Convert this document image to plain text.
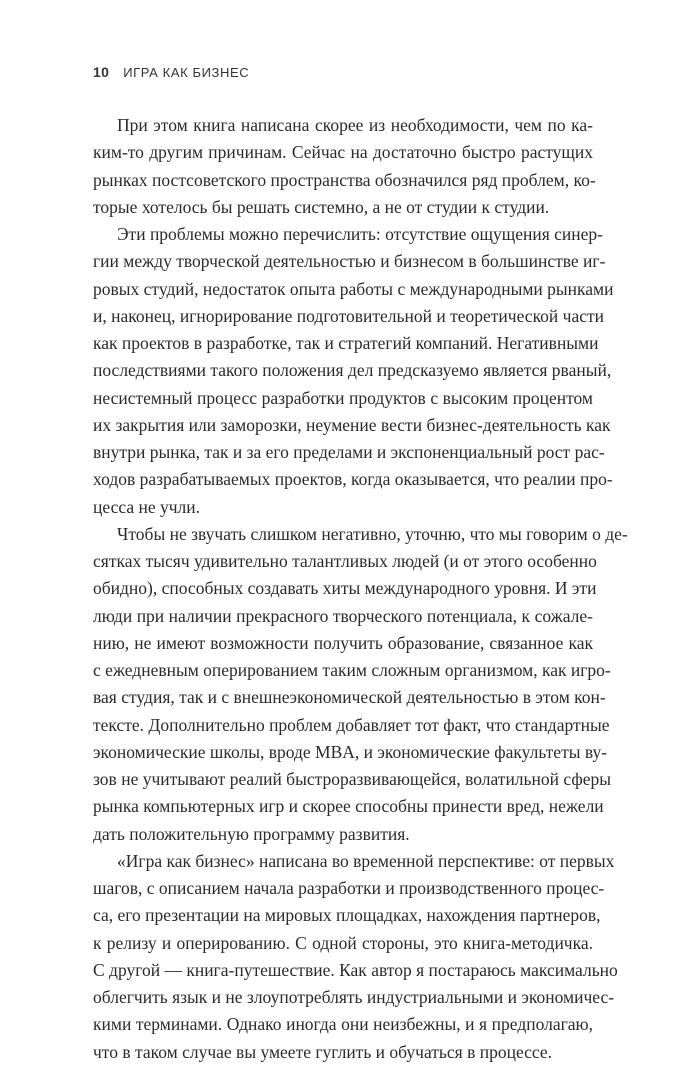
10 ИГРА КАК БИЗНЕС
При этом книга написана скорее из необходимости, чем по ка-
ким-то другим причинам. Сейчас на достаточно быстро растущих
рынках постсоветского пространства обозначился ряд проблем, ко-
торые хотелось бы решать системно, а не от студии к студии.
Эти проблемы можно перечислить: отсутствие ощущения синер-
гии между творческой деятельностью и бизнесом в большинстве иг-
ровых студий, недостаток опыта работы с международными рынками
и, наконец, игнорирование подготовительной и теоретической части
как проектов в разработке, так и стратегий компаний. Негативными
последствиями такого положения дел предсказуемо является рваный,
несистемный процесс разработки продуктов с высоким процентом
их закрытия или заморозки, неумение вести бизнес-деятельность как
внутри рынка, так и за его пределами и экспоненциальный рост рас-
ходов разрабатываемых проектов, когда оказывается, что реалии про-
цесса не учли.
Чтобы не звучать слишком негативно, уточню, что мы говорим о де-
сятках тысяч удивительно талантливых людей (и от этого особенно
обидно), способных создавать хиты международного уровня. И эти
люди при наличии прекрасного творческого потенциала, к сожале-
нию, не имеют возможности получить образование, связанное как
с ежедневным оперированием таким сложным организмом, как игро-
вая студия, так и с внешнеэкономической деятельностью в этом кон-
тексте. Дополнительно проблем добавляет тот факт, что стандартные
экономические школы, вроде MBA, и экономические факультеты ву-
зов не учитывают реалий быстроразвивающейся, волатильной сферы
рынка компьютерных игр и скорее способны принести вред, нежели
дать положительную программу развития.
«Игра как бизнес» написана во временной перспективе: от первых
шагов, с описанием начала разработки и производственного процес-
са, его презентации на мировых площадках, нахождения партнеров,
к релизу и оперированию. С одной стороны, это книга-методичка.
С другой — книга-путешествие. Как автор я постараюсь максимально
облегчить язык и не злоупотреблять индустриальными и экономичес-
кими терминами. Однако иногда они неизбежны, и я предполагаю,
что в таком случае вы умеете гуглить и обучаться в процессе.
